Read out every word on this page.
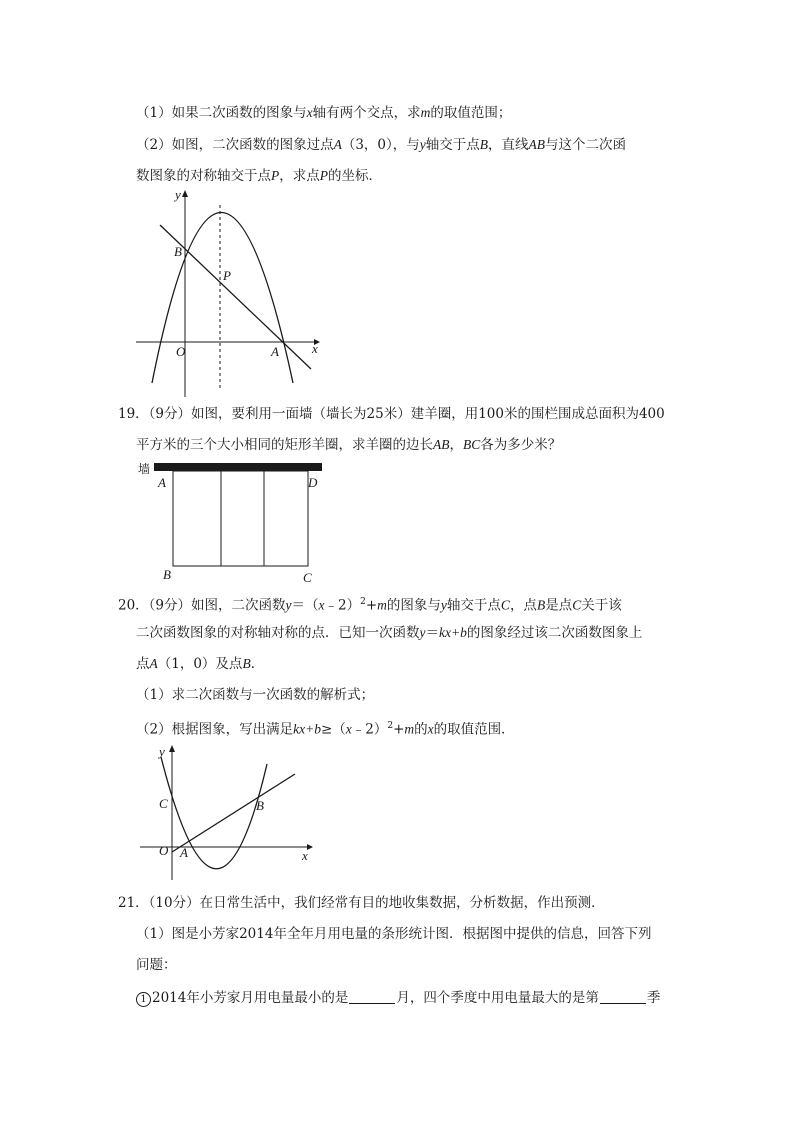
（1）如果二次函数的图象与x轴有两个交点，求m的取值范围；
（2）如图，二次函数的图象过点A（3，0），与y轴交于点B，直线AB与这个二次函
数图象的对称轴交于点P，求点P的坐标．
y
B
P
O	A	x
19．（9分）如图，要利用一面墙（墙长为25米）建羊圈，用100米的围栏围成总面积为400
平方米的三个大小相同的矩形羊圈，求羊圈的边长AB，BC各为多少米？
墙
A	D
B	C
20．（9分）如图，二次函数y＝（x﹣2）$^2$+m的图象与y轴交于点C，点B是点C关于该
二次函数图象的对称轴对称的点．已知一次函数y＝kx+b的图象经过该二次函数图象上
点A（1，0）及点B．
（1）求二次函数与一次函数的解析式；
（2）根据图象，写出满足kx+b≥（x﹣2）$^2$+m的x的取值范围．
y
C	B
O A	x
21．（10分）在日常生活中，我们经常有目的地收集数据，分析数据，作出预测．
（1）图是小芳家2014年全年月用电量的条形统计图．根据图中提供的信息，回答下列
问题：
1 2014年小芳家月用电量最小的是	月，四个季度中用电量最大的是第	季
